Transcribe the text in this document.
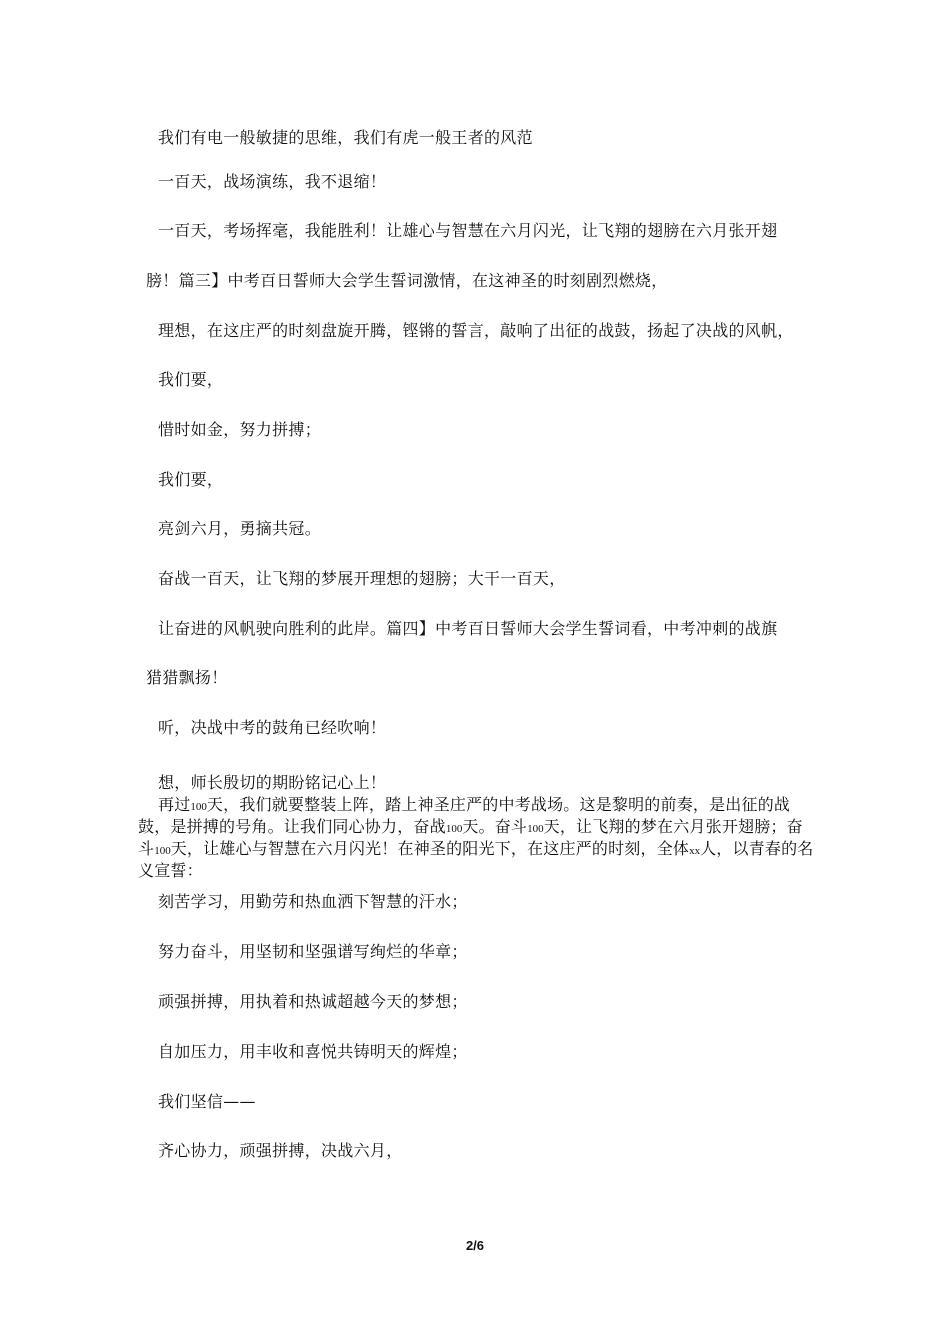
我们有电一般敏捷的思维，我们有虎一般王者的风范
一百天，战场演练，我不退缩！
一百天，考场挥毫，我能胜利！让雄心与智慧在六月闪光，让飞翔的翅膀在六月张开翅
膀！篇三】中考百日誓师大会学生誓词激情，在这神圣的时刻剧烈燃烧，
理想，在这庄严的时刻盘旋开腾，铿锵的誓言，敲响了出征的战鼓，扬起了决战的风帆，
我们要，
惜时如金，努力拼搏；
我们要，
亮剑六月，勇摘共冠。
奋战一百天，让飞翔的梦展开理想的翅膀；大干一百天，
让奋进的风帆驶向胜利的此岸。篇四】中考百日誓师大会学生誓词看，中考冲刺的战旗
猎猎飘扬！
听，决战中考的鼓角已经吹响！
想，师长殷切的期盼铭记心上！
再过100天，我们就要整装上阵，踏上神圣庄严的中考战场。这是黎明的前奏，是出征的战鼓，是拼搏的号角。让我们同心协力，奋战100天。奋斗100天，让飞翔的梦在六月张开翅膀；奋斗100天，让雄心与智慧在六月闪光！在神圣的阳光下，在这庄严的时刻，全体xx人，以青春的名义宣誓：
刻苦学习，用勤劳和热血洒下智慧的汗水；
努力奋斗，用坚韧和坚强谱写绚烂的华章；
顽强拼搏，用执着和热诚超越今天的梦想；
自加压力，用丰收和喜悦共铸明天的辉煌；
我们坚信——
齐心协力，顽强拼搏，决战六月，
2/6
